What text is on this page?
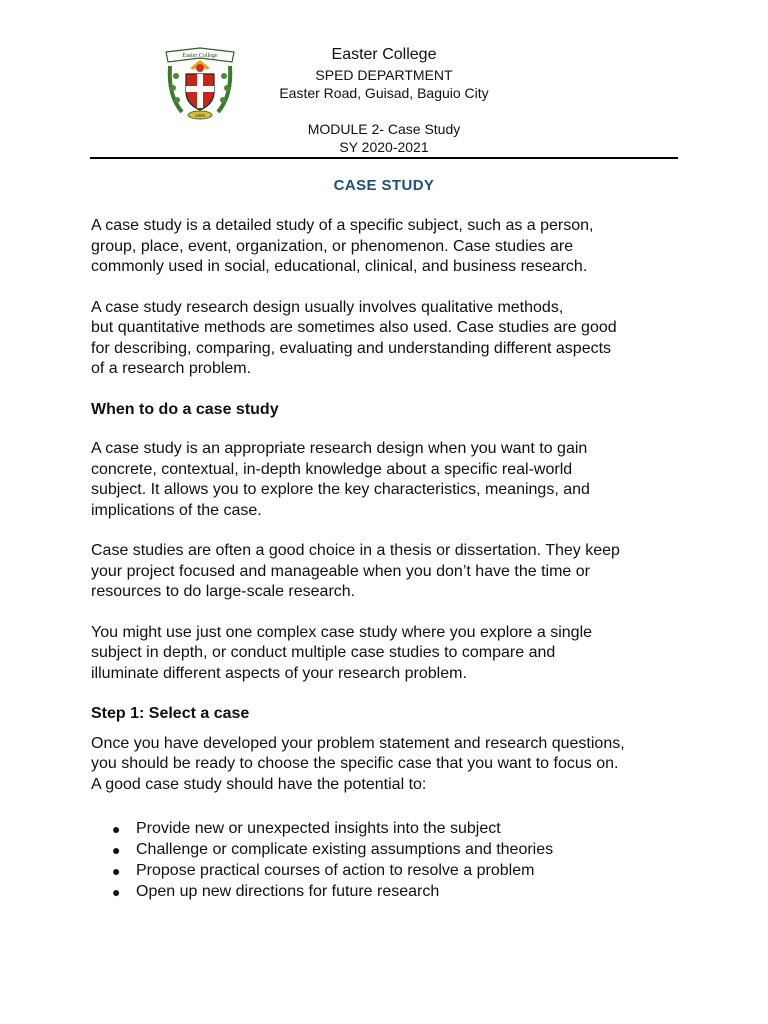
Easter College
1906
Easter College
SPED DEPARTMENT
Easter Road, Guisad, Baguio City
MODULE 2- Case Study
SY 2020-2021
CASE STUDY

A case study is a detailed study of a specific subject, such as a person,
group, place, event, organization, or phenomenon. Case studies are
commonly used in social, educational, clinical, and business research.

A case study research design usually involves qualitative methods,
but quantitative methods are sometimes also used. Case studies are good
for describing, comparing, evaluating and understanding different aspects
of a research problem.

When to do a case study

A case study is an appropriate research design when you want to gain
concrete, contextual, in-depth knowledge about a specific real-world
subject. It allows you to explore the key characteristics, meanings, and
implications of the case.

Case studies are often a good choice in a thesis or dissertation. They keep
your project focused and manageable when you don’t have the time or
resources to do large-scale research.

You might use just one complex case study where you explore a single
subject in depth, or conduct multiple case studies to compare and
illuminate different aspects of your research problem.

Step 1: Select a case

Once you have developed your problem statement and research questions,
you should be ready to choose the specific case that you want to focus on.
A good case study should have the potential to:

● Provide new or unexpected insights into the subject
● Challenge or complicate existing assumptions and theories
● Propose practical courses of action to resolve a problem
● Open up new directions for future research
